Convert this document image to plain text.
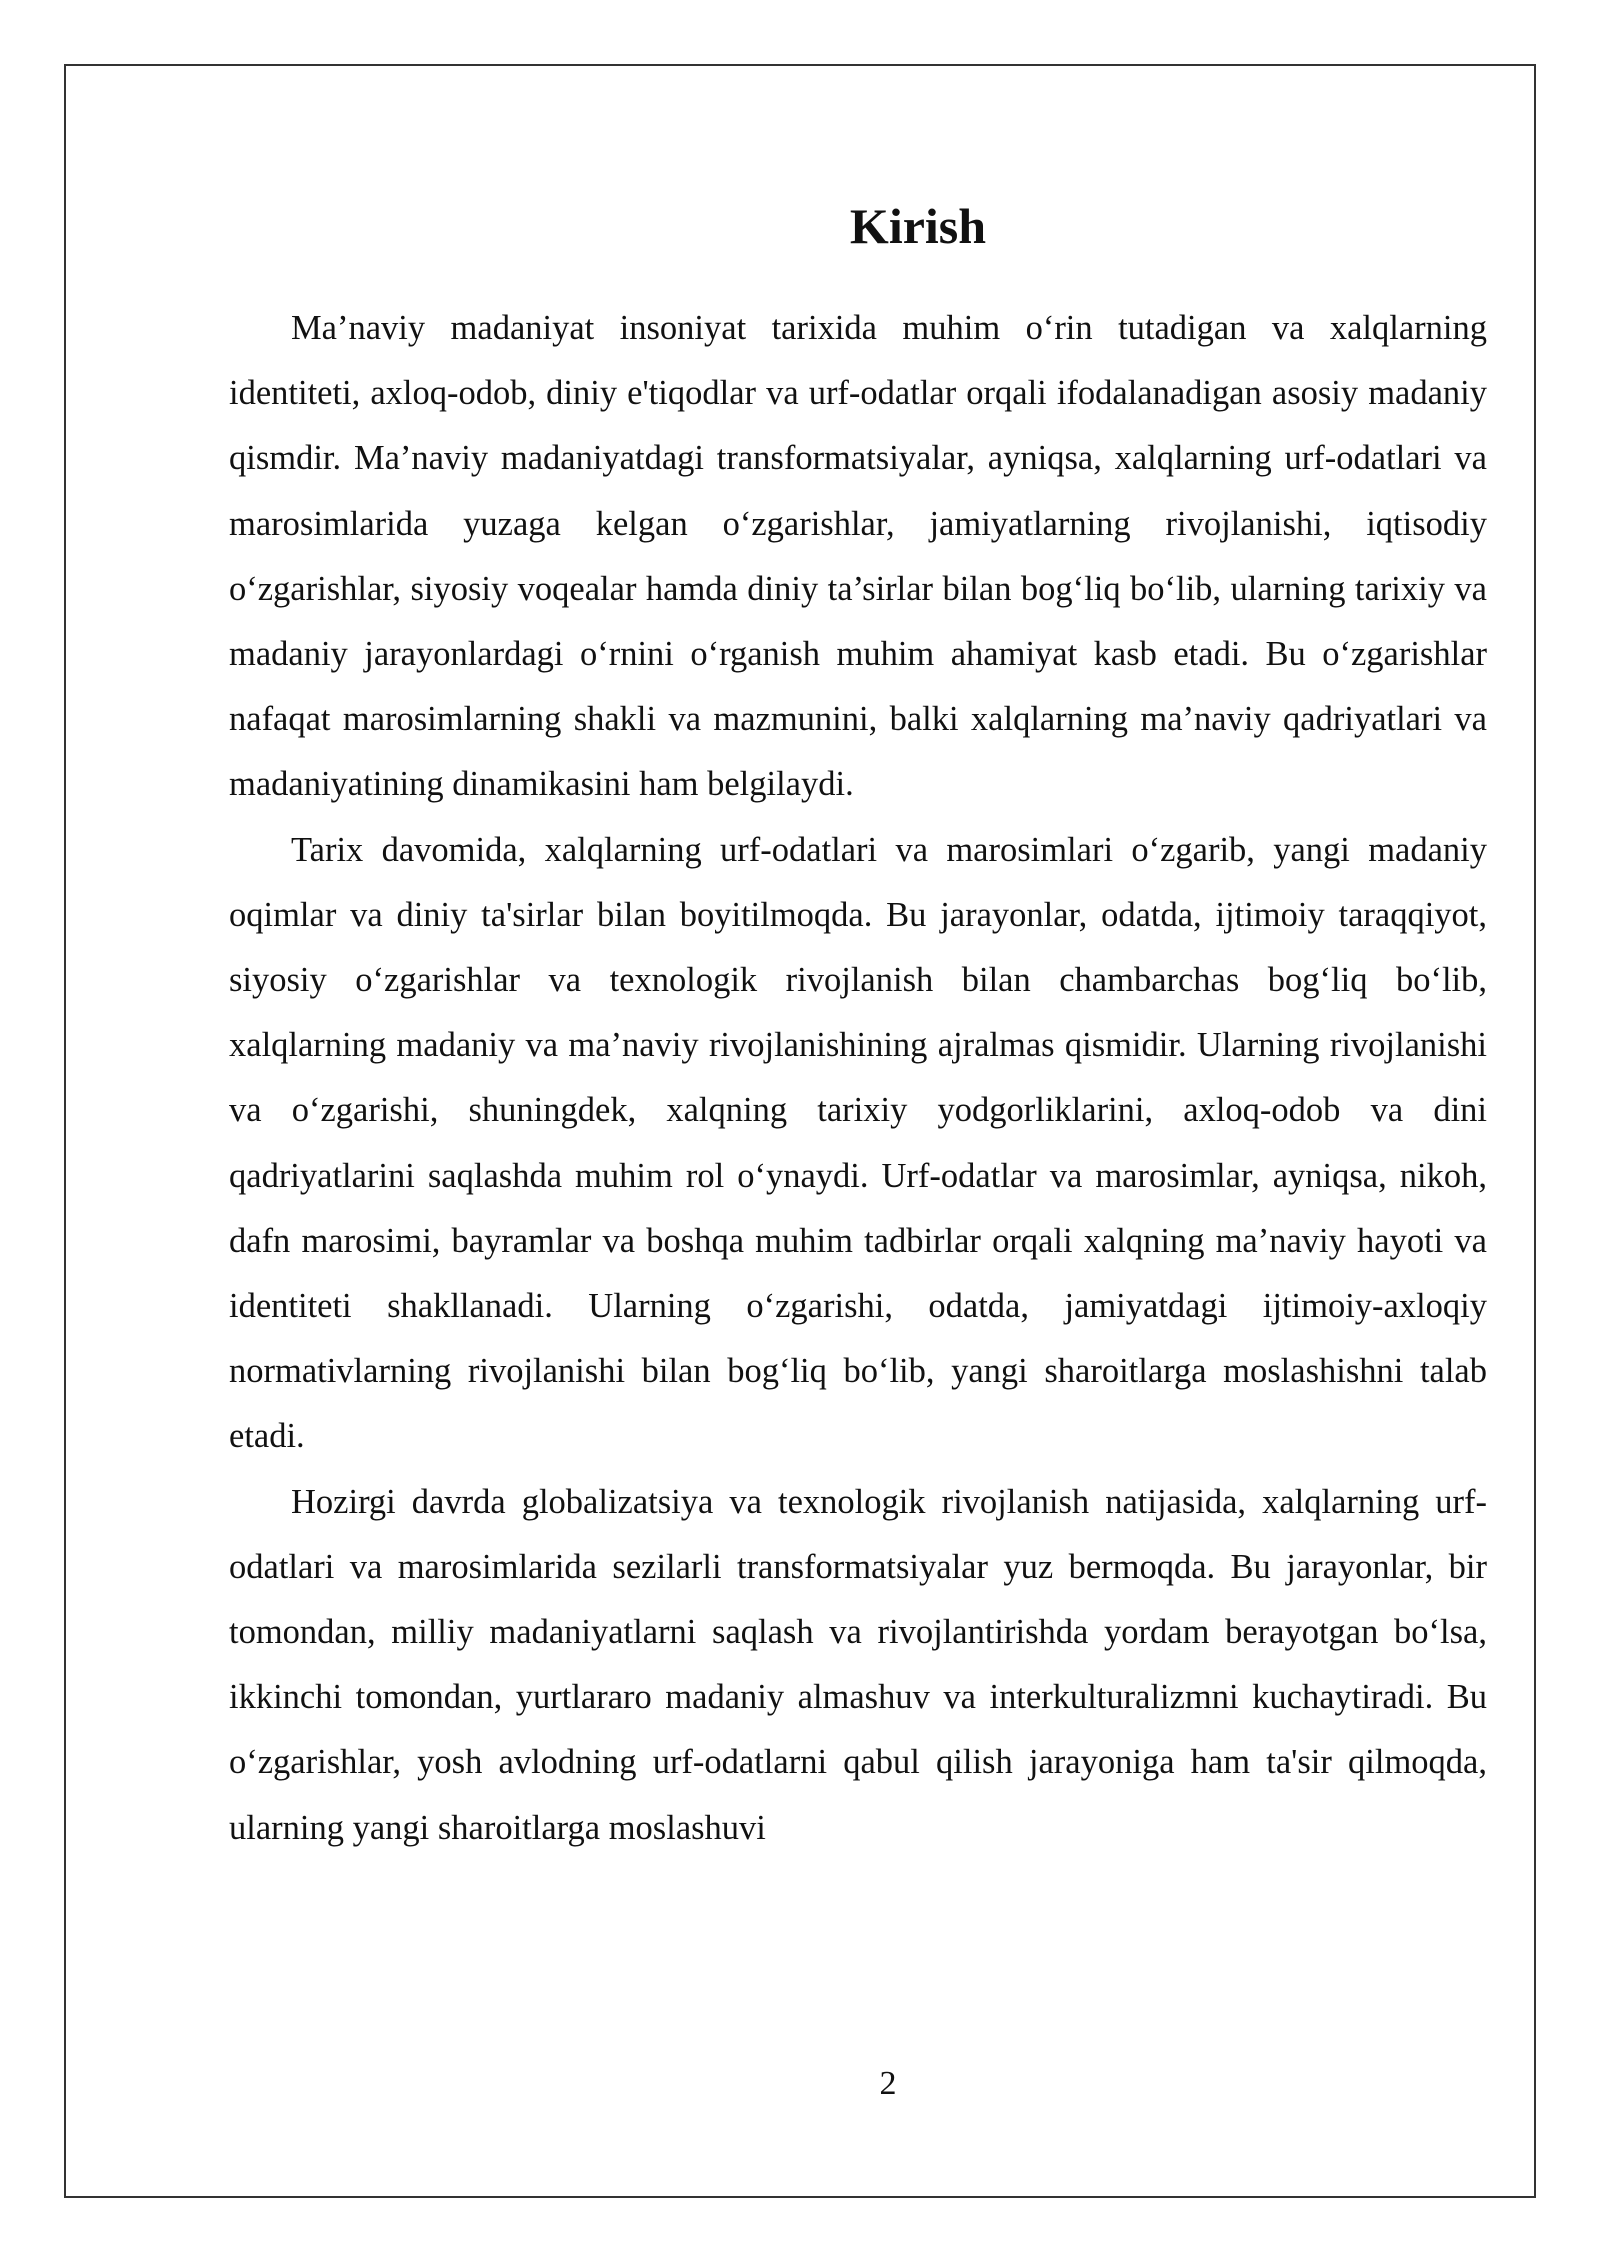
Kirish

Ma’naviy madaniyat insoniyat tarixida muhim o‘rin tutadigan va xalqlarning identiteti, axloq-odob, diniy e'tiqodlar va urf-odatlar orqali ifodalanadigan asosiy madaniy qismdir. Ma’naviy madaniyatdagi transformatsiyalar, ayniqsa, xalqlarning urf-odatlari va marosimlarida yuzaga kelgan o‘zgarishlar, jamiyatlarning rivojlanishi, iqtisodiy o‘zgarishlar, siyosiy voqealar hamda diniy ta’sirlar bilan bog‘liq bo‘lib, ularning tarixiy va madaniy jarayonlardagi o‘rnini o‘rganish muhim ahamiyat kasb etadi. Bu o‘zgarishlar nafaqat marosimlarning shakli va mazmunini, balki xalqlarning ma’naviy qadriyatlari va madaniyatining dinamikasini ham belgilaydi.

Tarix davomida, xalqlarning urf-odatlari va marosimlari o‘zgarib, yangi madaniy oqimlar va diniy ta'sirlar bilan boyitilmoqda. Bu jarayonlar, odatda, ijtimoiy taraqqiyot, siyosiy o‘zgarishlar va texnologik rivojlanish bilan chambarchas bog‘liq bo‘lib, xalqlarning madaniy va ma’naviy rivojlanishining ajralmas qismidir. Ularning rivojlanishi va o‘zgarishi, shuningdek, xalqning tarixiy yodgorliklarini, axloq-odob va dini qadriyatlarini saqlashda muhim rol o‘ynaydi. Urf-odatlar va marosimlar, ayniqsa, nikoh, dafn marosimi, bayramlar va boshqa muhim tadbirlar orqali xalqning ma’naviy hayoti va identiteti shakllanadi. Ularning o‘zgarishi, odatda, jamiyatdagi ijtimoiy-axloqiy normativlarning rivojlanishi bilan bog‘liq bo‘lib, yangi sharoitlarga moslashishni talab etadi.

Hozirgi davrda globalizatsiya va texnologik rivojlanish natijasida, xalqlarning urf-odatlari va marosimlarida sezilarli transformatsiyalar yuz bermoqda. Bu jarayonlar, bir tomondan, milliy madaniyatlarni saqlash va rivojlantirishda yordam berayotgan bo‘lsa, ikkinchi tomondan, yurtlararo madaniy almashuv va interkulturalizmni kuchaytiradi. Bu o‘zgarishlar, yosh avlodning urf-odatlarni qabul qilish jarayoniga ham ta'sir qilmoqda, ularning yangi sharoitlarga moslashuvi

2
